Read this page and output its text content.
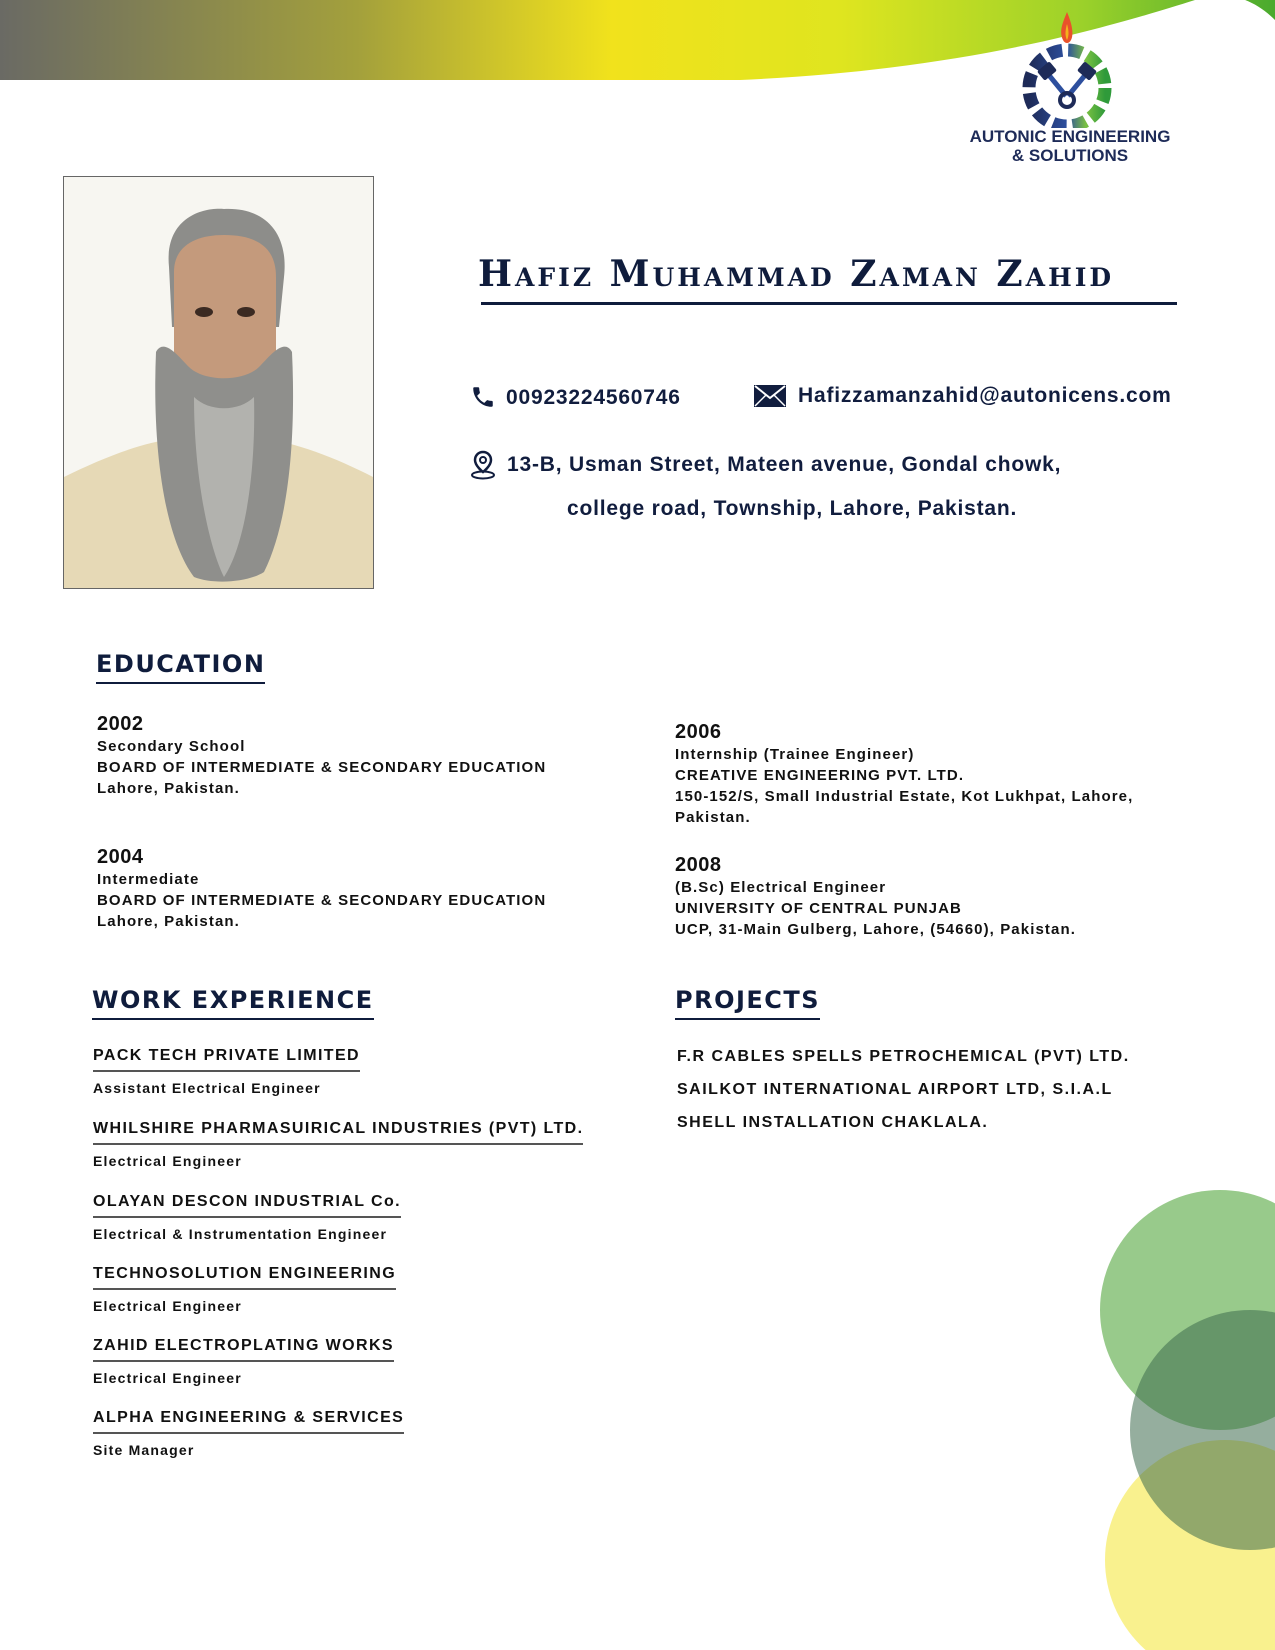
AUTONIC ENGINEERING
& SOLUTIONS
Hafiz Muhammad Zaman Zahid
00923224560746	Hafizzamanzahid@autonicens.com
13-B, Usman Street, Mateen avenue, Gondal chowk,
college road, Township, Lahore, Pakistan.
EDUCATION
2002
Secondary School
BOARD OF INTERMEDIATE & SECONDARY EDUCATION
Lahore, Pakistan.
2004
Intermediate
BOARD OF INTERMEDIATE & SECONDARY EDUCATION
Lahore, Pakistan.
2006
Internship (Trainee Engineer)
CREATIVE ENGINEERING PVT. LTD.
150-152/S, Small Industrial Estate, Kot Lukhpat, Lahore,
Pakistan.
2008
(B.Sc) Electrical Engineer
UNIVERSITY OF CENTRAL PUNJAB
UCP, 31-Main Gulberg, Lahore, (54660), Pakistan.
WORK EXPERIENCE
PACK TECH PRIVATE LIMITED
Assistant Electrical Engineer
WHILSHIRE PHARMASUIRICAL INDUSTRIES (PVT) LTD.
Electrical Engineer
OLAYAN DESCON INDUSTRIAL Co.
Electrical & Instrumentation Engineer
TECHNOSOLUTION ENGINEERING
Electrical Engineer
ZAHID ELECTROPLATING WORKS
Electrical Engineer
ALPHA ENGINEERING & SERVICES
Site Manager
PROJECTS
F.R CABLES SPELLS PETROCHEMICAL (PVT) LTD.
SAILKOT INTERNATIONAL AIRPORT LTD, S.I.A.L
SHELL INSTALLATION CHAKLALA.
